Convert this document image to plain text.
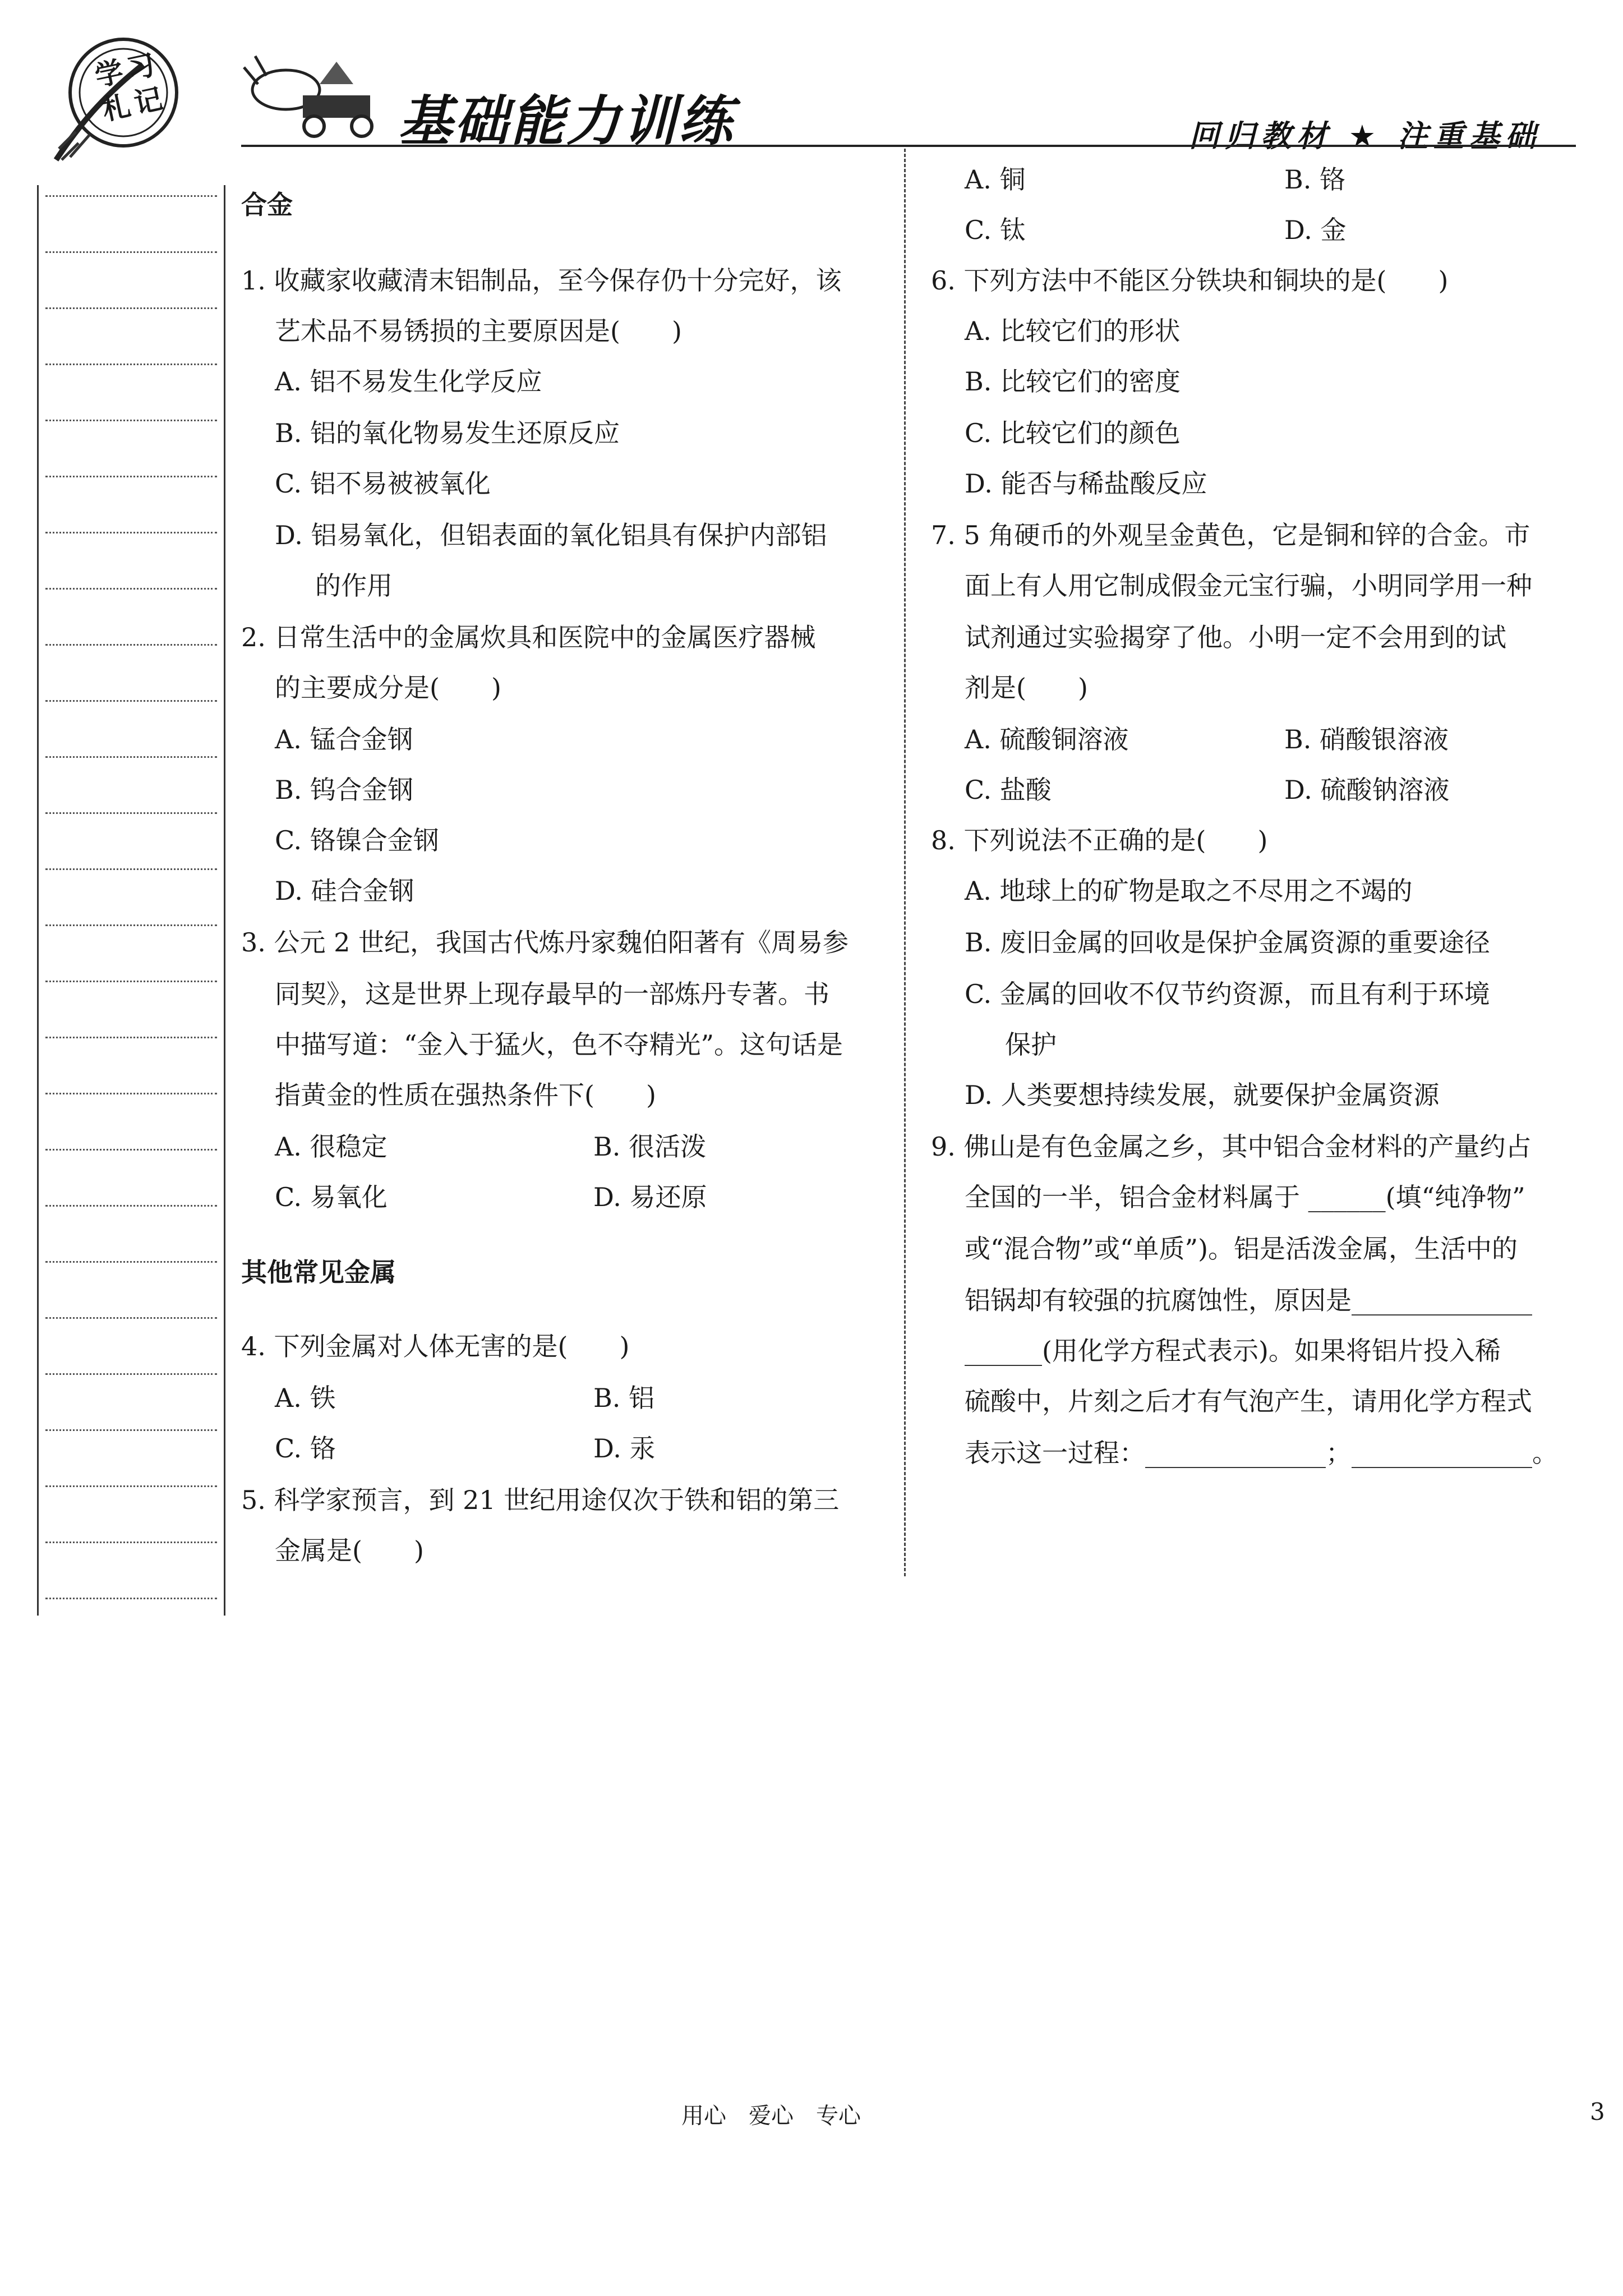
学习
札记	基础能力训练	回归教材 ★ 注重基础
合金
1. 收藏家收藏清末铝制品，至今保存仍十分完好，该
艺术品不易锈损的主要原因是(　　)
A. 铝不易发生化学反应
B. 铝的氧化物易发生还原反应
C. 铝不易被被氧化
D. 铝易氧化，但铝表面的氧化铝具有保护内部铝
的作用
2. 日常生活中的金属炊具和医院中的金属医疗器械
的主要成分是(　　)
A. 锰合金钢
B. 钨合金钢
C. 铬镍合金钢
D. 硅合金钢
3. 公元 2 世纪，我国古代炼丹家魏伯阳著有《周易参
同契》，这是世界上现存最早的一部炼丹专著。书
中描写道：“金入于猛火，色不夺精光”。这句话是
指黄金的性质在强热条件下(　　)
A. 很稳定	B. 很活泼
C. 易氧化	D. 易还原
其他常见金属
4. 下列金属对人体无害的是(　　)
A. 铁	B. 铝
C. 铬	D. 汞
5. 科学家预言，到 21 世纪用途仅次于铁和铝的第三
金属是(　　)
A. 铜	B. 铬
C. 钛	D. 金
6. 下列方法中不能区分铁块和铜块的是(　　)
A. 比较它们的形状
B. 比较它们的密度
C. 比较它们的颜色
D. 能否与稀盐酸反应
7. 5 角硬币的外观呈金黄色，它是铜和锌的合金。市
面上有人用它制成假金元宝行骗，小明同学用一种
试剂通过实验揭穿了他。小明一定不会用到的试
剂是(　　)
A. 硫酸铜溶液	B. 硝酸银溶液
C. 盐酸	D. 硫酸钠溶液
8. 下列说法不正确的是(　　)
A. 地球上的矿物是取之不尽用之不竭的
B. 废旧金属的回收是保护金属资源的重要途径
C. 金属的回收不仅节约资源，而且有利于环境
保护
D. 人类要想持续发展，就要保护金属资源
9. 佛山是有色金属之乡，其中铝合金材料的产量约占
全国的一半，铝合金材料属于 ______(填“纯净物”
或“混合物”或“单质”)。铝是活泼金属，生活中的
铝锅却有较强的抗腐蚀性，原因是______________
______(用化学方程式表示)。如果将铝片投入稀
硫酸中，片刻之后才有气泡产生，请用化学方程式
表示这一过程：______________；______________。
用心　爱心　专心	3
